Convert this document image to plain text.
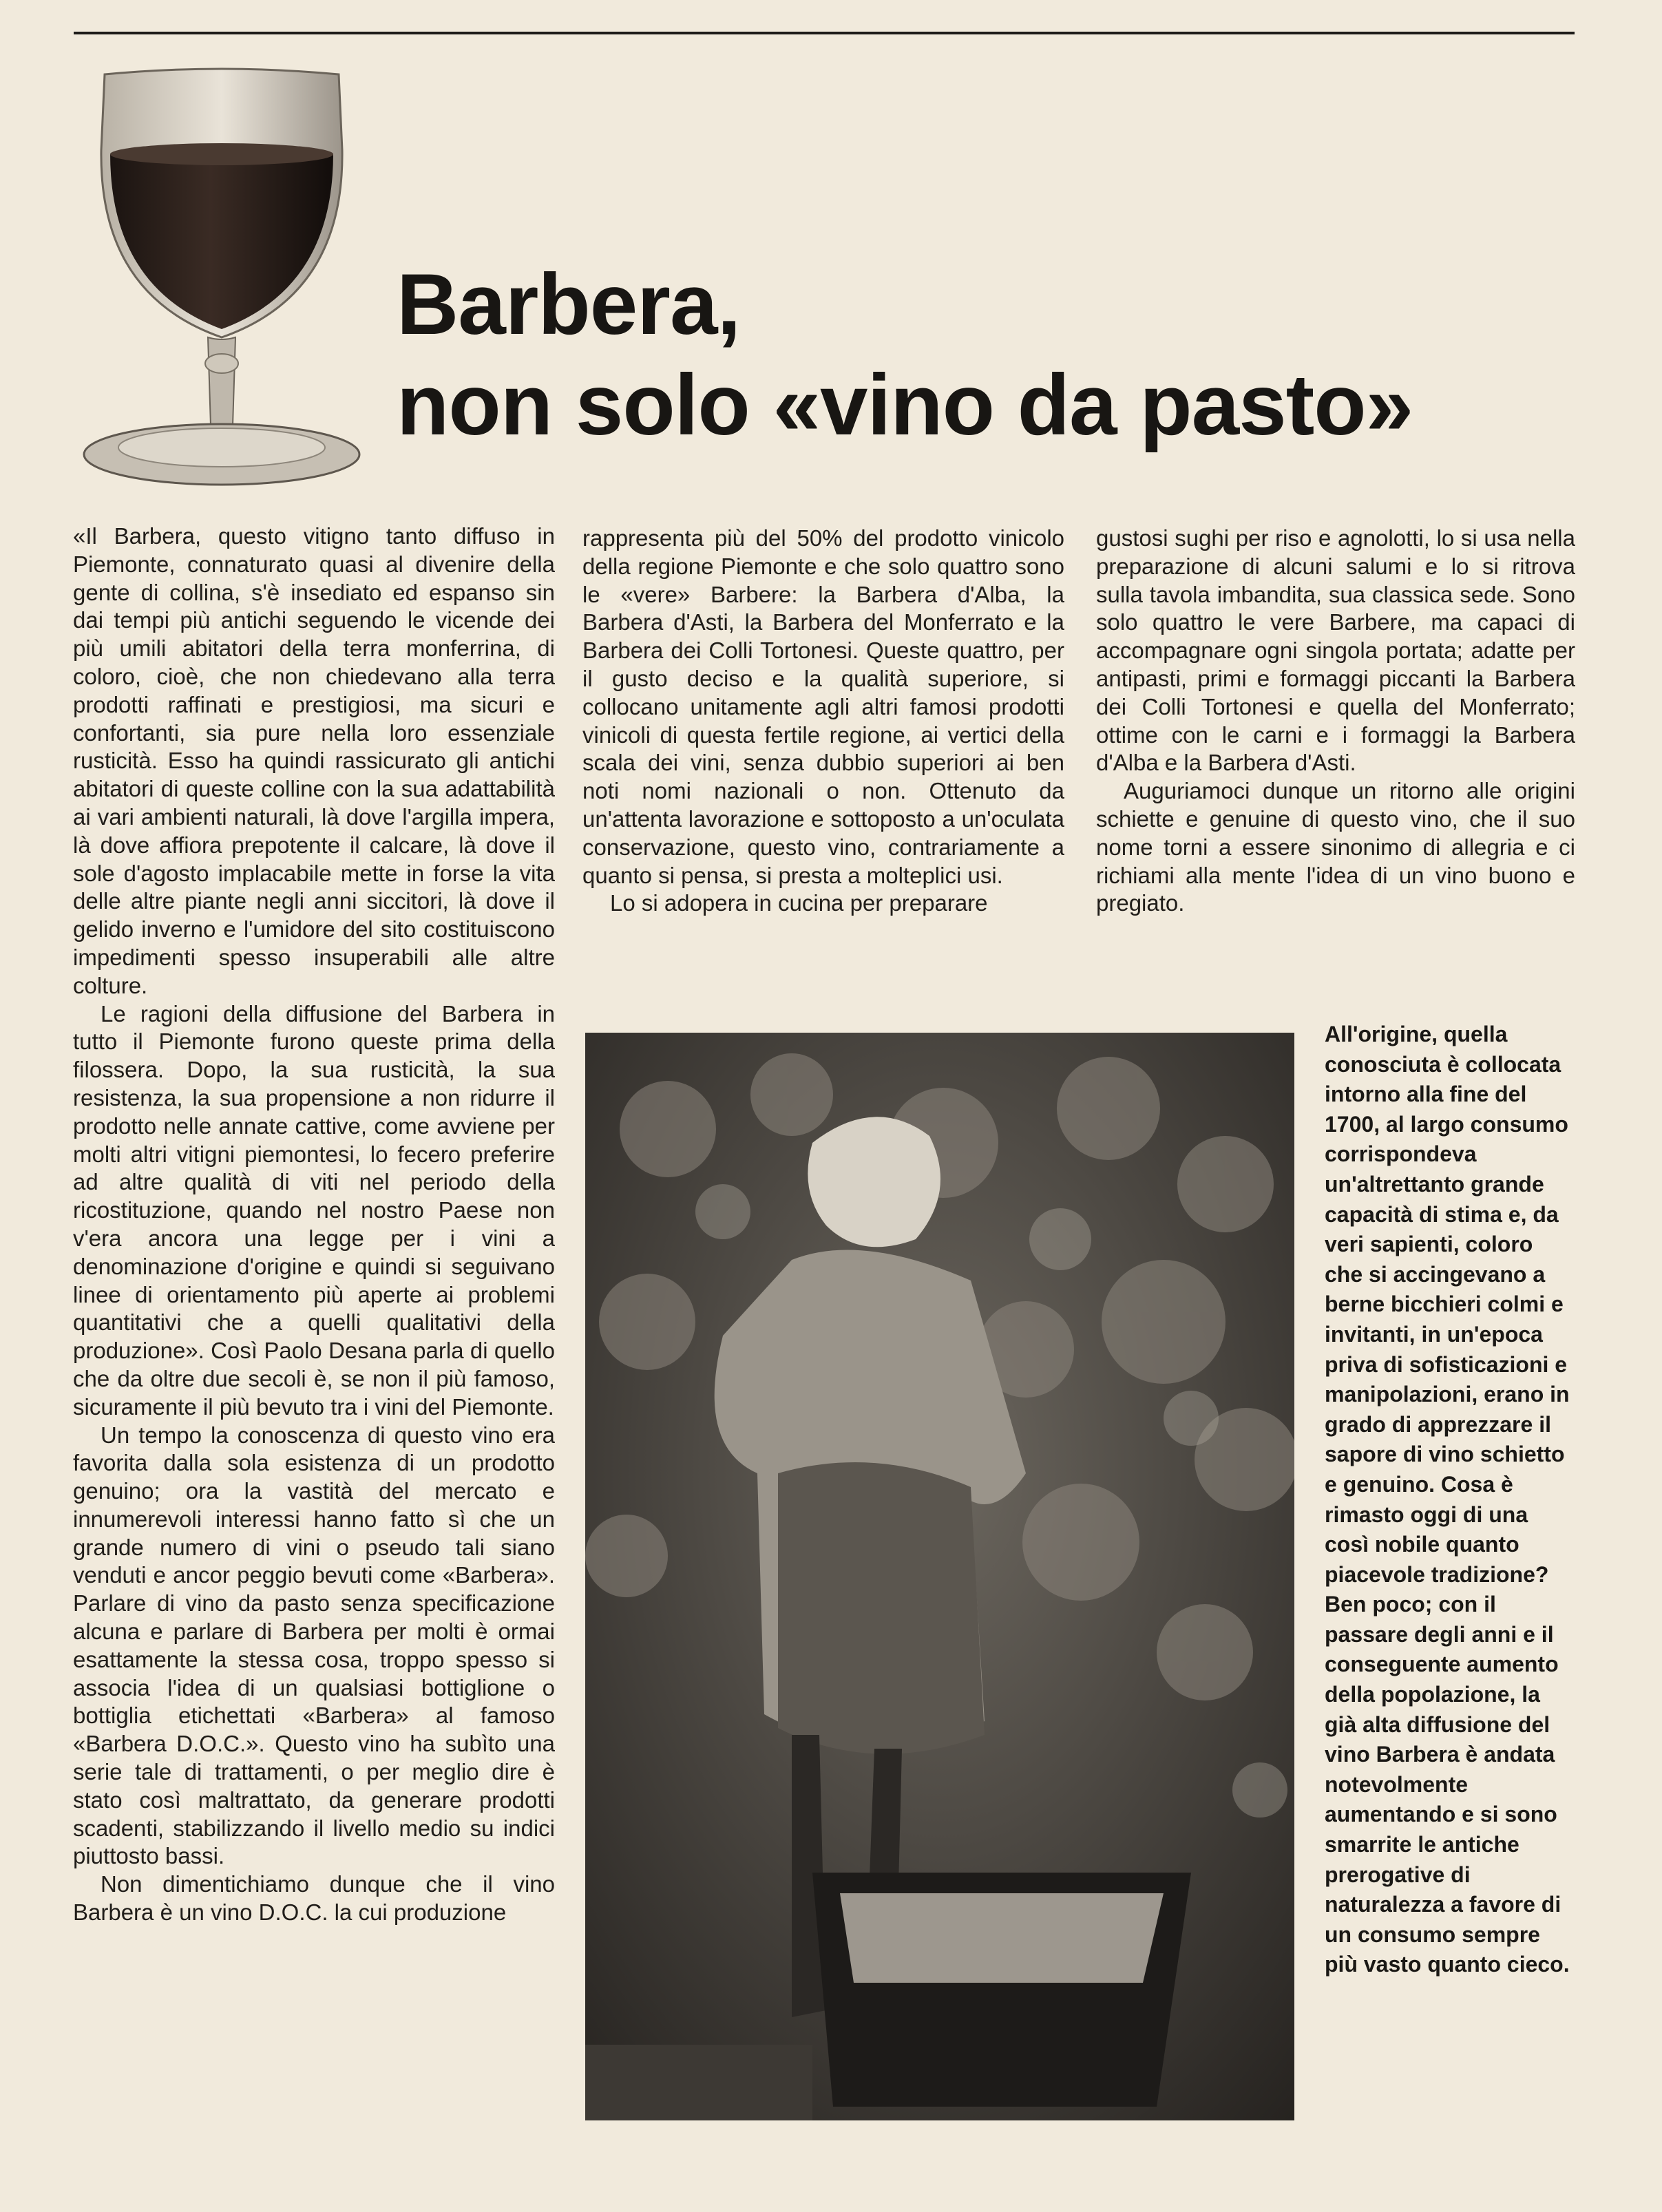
Barbera,
non solo «vino da pasto»

«Il Barbera, questo vitigno tanto diffuso in Piemonte, connaturato quasi al divenire della gente di collina, s'è insediato ed espanso sin dai tempi più antichi seguendo le vicende dei più umili abitatori della terra monferrina, di coloro, cioè, che non chiedevano alla terra prodotti raffinati e prestigiosi, ma sicuri e confortanti, sia pure nella loro essenziale rusticità. Esso ha quindi rassicurato gli antichi abitatori di queste colline con la sua adattabilità ai vari ambienti naturali, là dove l'argilla impera, là dove affiora prepotente il calcare, là dove il sole d'agosto implacabile mette in forse la vita delle altre piante negli anni siccitori, là dove il gelido inverno e l'umidore del sito costituiscono impedimenti spesso insuperabili alle altre colture.

Le ragioni della diffusione del Barbera in tutto il Piemonte furono queste prima della filossera. Dopo, la sua rusticità, la sua resistenza, la sua propensione a non ridurre il prodotto nelle annate cattive, come avviene per molti altri vitigni piemontesi, lo fecero preferire ad altre qualità di viti nel periodo della ricostituzione, quando nel nostro Paese non v'era ancora una legge per i vini a denominazione d'origine e quindi si seguivano linee di orientamento più aperte ai problemi quantitativi che a quelli qualitativi della produzione». Così Paolo Desana parla di quello che da oltre due secoli è, se non il più famoso, sicuramente il più bevuto tra i vini del Piemonte.

Un tempo la conoscenza di questo vino era favorita dalla sola esistenza di un prodotto genuino; ora la vastità del mercato e innumerevoli interessi hanno fatto sì che un grande numero di vini o pseudo tali siano venduti e ancor peggio bevuti come «Barbera». Parlare di vino da pasto senza specificazione alcuna e parlare di Barbera per molti è ormai esattamente la stessa cosa, troppo spesso si associa l'idea di un qualsiasi bottiglione o bottiglia etichettati «Barbera» al famoso «Barbera D.O.C.». Questo vino ha subìto una serie tale di trattamenti, o per meglio dire è stato così maltrattato, da generare prodotti scadenti, stabilizzando il livello medio su indici piuttosto bassi.

Non dimentichiamo dunque che il vino Barbera è un vino D.O.C. la cui produzione

rappresenta più del 50% del prodotto vinicolo della regione Piemonte e che solo quattro sono le «vere» Barbere: la Barbera d'Alba, la Barbera d'Asti, la Barbera del Monferrato e la Barbera dei Colli Tortonesi. Queste quattro, per il gusto deciso e la qualità superiore, si collocano unitamente agli altri famosi prodotti vinicoli di questa fertile regione, ai vertici della scala dei vini, senza dubbio superiori ai ben noti nomi nazionali o non. Ottenuto da un'attenta lavorazione e sottoposto a un'oculata conservazione, questo vino, contrariamente a quanto si pensa, si presta a molteplici usi.

Lo si adopera in cucina per preparare

gustosi sughi per riso e agnolotti, lo si usa nella preparazione di alcuni salumi e lo si ritrova sulla tavola imbandita, sua classica sede. Sono solo quattro le vere Barbere, ma capaci di accompagnare ogni singola portata; adatte per antipasti, primi e formaggi piccanti la Barbera dei Colli Tortonesi e quella del Monferrato; ottime con le carni e i formaggi la Barbera d'Alba e la Barbera d'Asti.

Auguriamoci dunque un ritorno alle origini schiette e genuine di questo vino, che il suo nome torni a essere sinonimo di allegria e ci richiami alla mente l'idea di un vino buono e pregiato.

All'origine, quella conosciuta è collocata intorno alla fine del 1700, al largo consumo corrispondeva un'altrettanto grande capacità di stima e, da veri sapienti, coloro che si accingevano a berne bicchieri colmi e invitanti, in un'epoca priva di sofisticazioni e manipolazioni, erano in grado di apprezzare il sapore di vino schietto e genuino. Cosa è rimasto oggi di una così nobile quanto piacevole tradizione? Ben poco; con il passare degli anni e il conseguente aumento della popolazione, la già alta diffusione del vino Barbera è andata notevolmente aumentando e si sono smarrite le antiche prerogative di naturalezza a favore di un consumo sempre più vasto quanto cieco.
